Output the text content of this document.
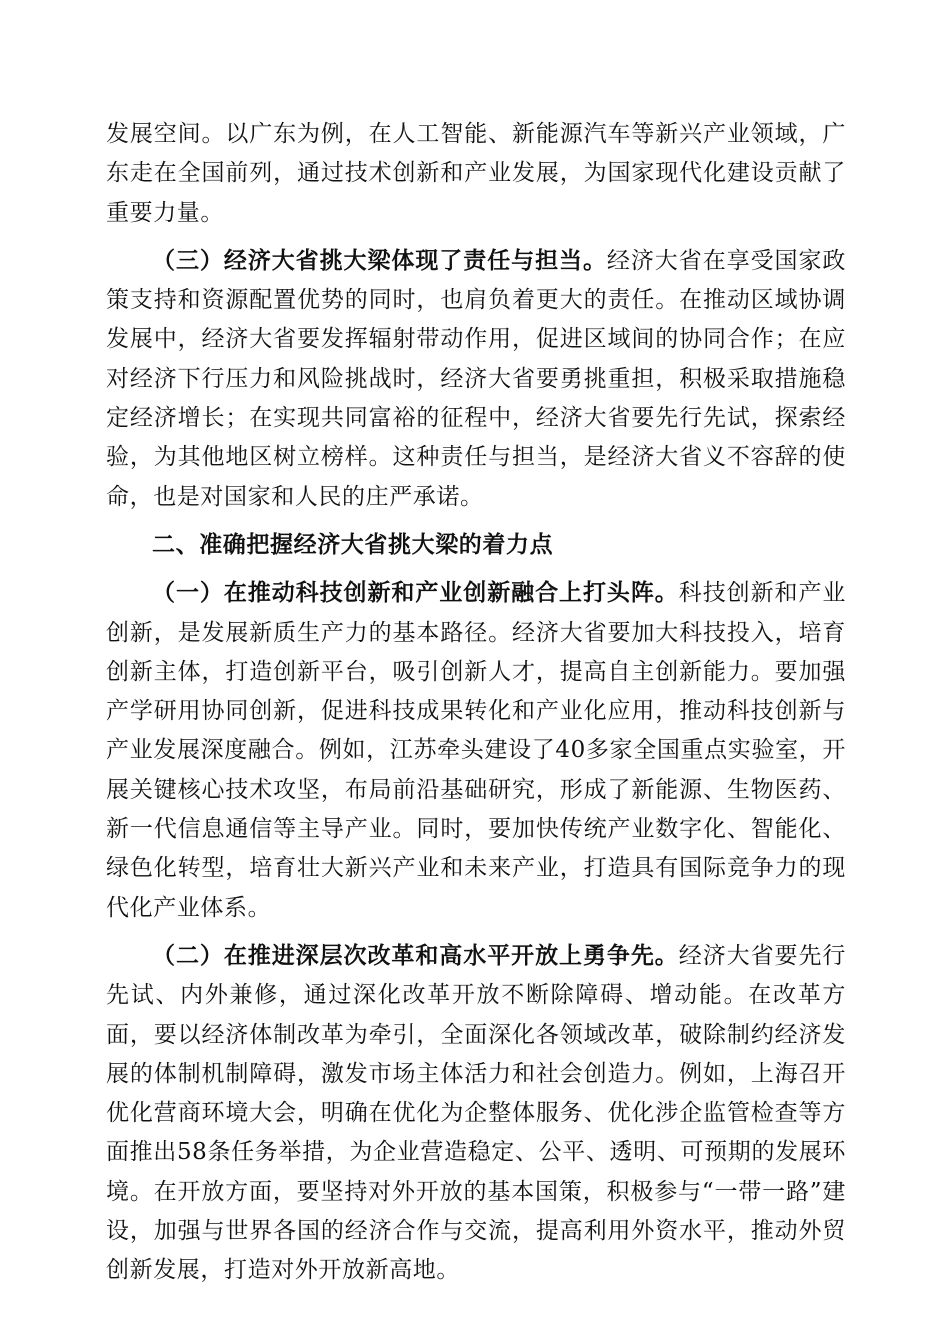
发展空间。以广东为例，在人工智能、新能源汽车等新兴产业领域，广东走在全国前列，通过技术创新和产业发展，为国家现代化建设贡献了重要力量。

（三）经济大省挑大梁体现了责任与担当。经济大省在享受国家政策支持和资源配置优势的同时，也肩负着更大的责任。在推动区域协调发展中，经济大省要发挥辐射带动作用，促进区域间的协同合作；在应对经济下行压力和风险挑战时，经济大省要勇挑重担，积极采取措施稳定经济增长；在实现共同富裕的征程中，经济大省要先行先试，探索经验，为其他地区树立榜样。这种责任与担当，是经济大省义不容辞的使命，也是对国家和人民的庄严承诺。

二、准确把握经济大省挑大梁的着力点

（一）在推动科技创新和产业创新融合上打头阵。科技创新和产业创新，是发展新质生产力的基本路径。经济大省要加大科技投入，培育创新主体，打造创新平台，吸引创新人才，提高自主创新能力。要加强产学研用协同创新，促进科技成果转化和产业化应用，推动科技创新与产业发展深度融合。例如，江苏牵头建设了40多家全国重点实验室，开展关键核心技术攻坚，布局前沿基础研究，形成了新能源、生物医药、新一代信息通信等主导产业。同时，要加快传统产业数字化、智能化、绿色化转型，培育壮大新兴产业和未来产业，打造具有国际竞争力的现代化产业体系。

（二）在推进深层次改革和高水平开放上勇争先。经济大省要先行先试、内外兼修，通过深化改革开放不断除障碍、增动能。在改革方面，要以经济体制改革为牵引，全面深化各领域改革，破除制约经济发展的体制机制障碍，激发市场主体活力和社会创造力。例如，上海召开优化营商环境大会，明确在优化为企整体服务、优化涉企监管检查等方面推出58条任务举措，为企业营造稳定、公平、透明、可预期的发展环境。在开放方面，要坚持对外开放的基本国策，积极参与“一带一路”建设，加强与世界各国的经济合作与交流，提高利用外资水平，推动外贸创新发展，打造对外开放新高地。
